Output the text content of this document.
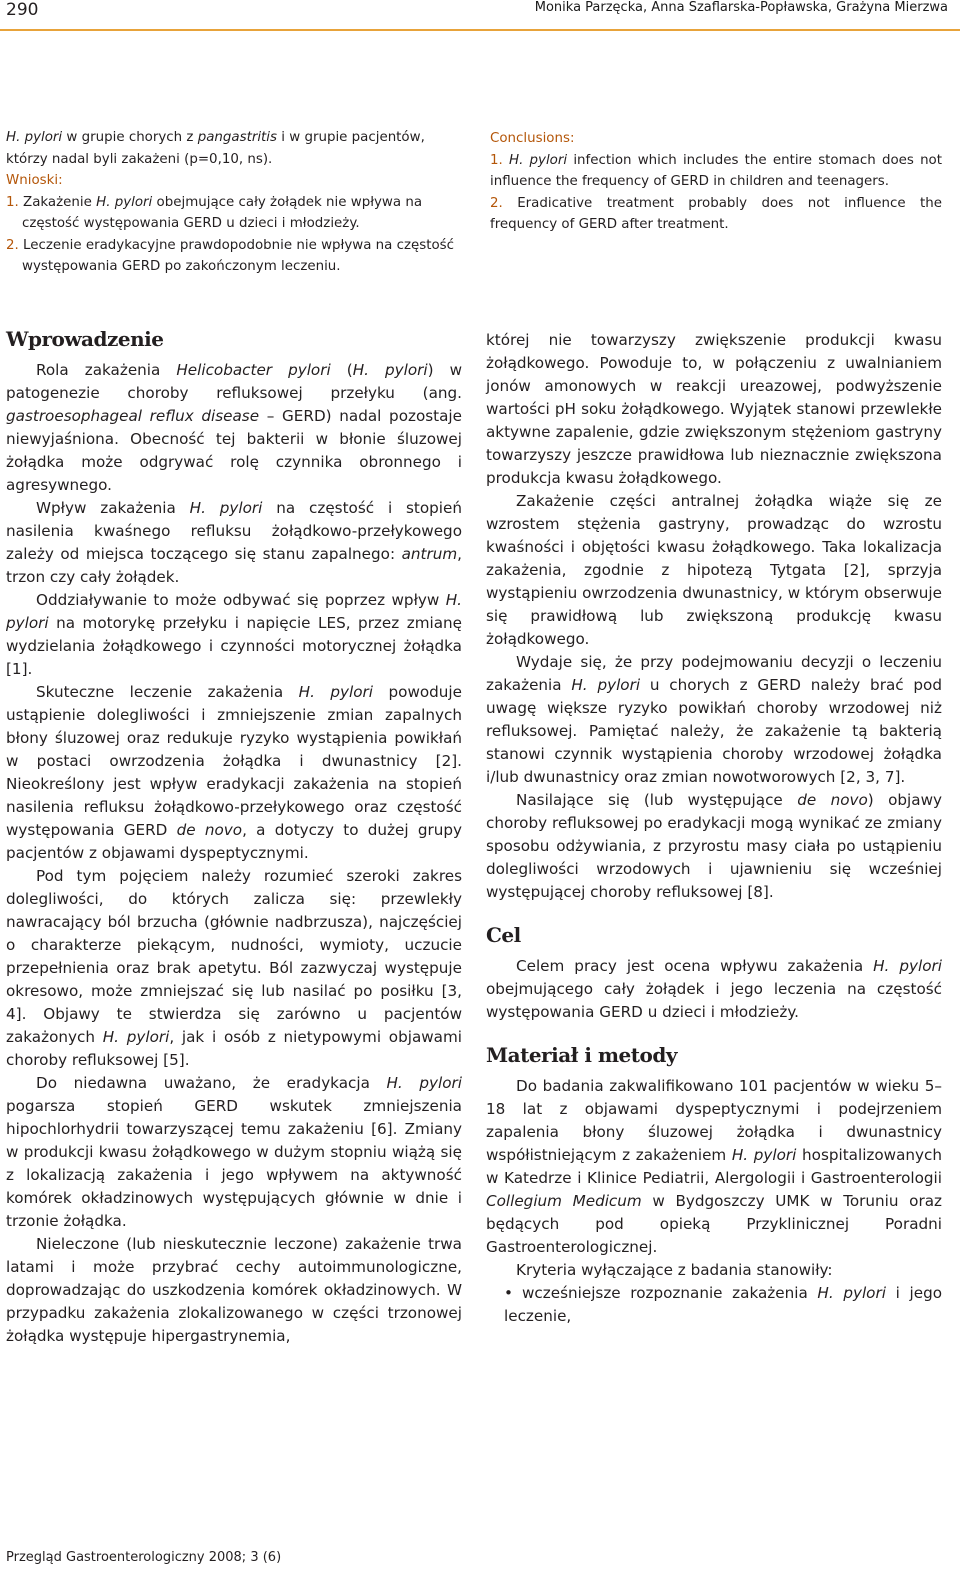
290	Monika Parzęcka, Anna Szaflarska-Popławska, Grażyna Mierzwa

H. pylori w grupie chorych z pangastritis i w grupie pacjentów, którzy nadal byli zakażeni (p=0,10, ns).

Wnioski:

1. Zakażenie H. pylori obejmujące cały żołądek nie wpływa na częstość występowania GERD u dzieci i młodzieży.

2. Leczenie eradykacyjne prawdopodobnie nie wpływa na częstość występowania GERD po zakończonym leczeniu.

Conclusions:

1. H. pylori infection which includes the entire stomach does not influence the frequency of GERD in children and teenagers.

2. Eradicative treatment probably does not influence the frequency of GERD after treatment.

Wprowadzenie

Rola zakażenia Helicobacter pylori (H. pylori) w patogenezie choroby refluksowej przełyku (ang. gastroesophageal reflux disease – GERD) nadal pozostaje niewyjaśniona. Obecność tej bakterii w błonie śluzowej żołądka może odgrywać rolę czynnika obronnego i agresywnego.

Wpływ zakażenia H. pylori na częstość i stopień nasilenia kwaśnego refluksu żołądkowo-przełykowego zależy od miejsca toczącego się stanu zapalnego: antrum, trzon czy cały żołądek.

Oddziaływanie to może odbywać się poprzez wpływ H. pylori na motorykę przełyku i napięcie LES, przez zmianę wydzielania żołądkowego i czynności motorycznej żołądka [1].

Skuteczne leczenie zakażenia H. pylori powoduje ustąpienie dolegliwości i zmniejszenie zmian zapalnych błony śluzowej oraz redukuje ryzyko wystąpienia powikłań w postaci owrzodzenia żołądka i dwunastnicy [2]. Nieokreślony jest wpływ eradykacji zakażenia na stopień nasilenia refluksu żołądkowo-przełykowego oraz częstość występowania GERD de novo, a dotyczy to dużej grupy pacjentów z objawami dyspeptycznymi.

Pod tym pojęciem należy rozumieć szeroki zakres dolegliwości, do których zalicza się: przewlekły nawracający ból brzucha (głównie nadbrzusza), najczęściej o charakterze piekącym, nudności, wymioty, uczucie przepełnienia oraz brak apetytu. Ból zazwyczaj występuje okresowo, może zmniejszać się lub nasilać po posiłku [3, 4]. Objawy te stwierdza się zarówno u pacjentów zakażonych H. pylori, jak i osób z nietypowymi objawami choroby refluksowej [5].

Do niedawna uważano, że eradykacja H. pylori pogarsza stopień GERD wskutek zmniejszenia hipochlorhydrii towarzyszącej temu zakażeniu [6]. Zmiany w produkcji kwasu żołądkowego w dużym stopniu wiążą się z lokalizacją zakażenia i jego wpływem na aktywność komórek okładzinowych występujących głównie w dnie i trzonie żołądka.

Nieleczone (lub nieskutecznie leczone) zakażenie trwa latami i może przybrać cechy autoimmunologiczne, doprowadzając do uszkodzenia komórek okładzinowych. W przypadku zakażenia zlokalizowanego w części trzonowej żołądka występuje hipergastrynemia,

której nie towarzyszy zwiększenie produkcji kwasu żołądkowego. Powoduje to, w połączeniu z uwalnianiem jonów amonowych w reakcji ureazowej, podwyższenie wartości pH soku żołądkowego. Wyjątek stanowi przewlekłe aktywne zapalenie, gdzie zwiększonym stężeniom gastryny towarzyszy jeszcze prawidłowa lub nieznacznie zwiększona produkcja kwasu żołądkowego.

Zakażenie części antralnej żołądka wiąże się ze wzrostem stężenia gastryny, prowadząc do wzrostu kwaśności i objętości kwasu żołądkowego. Taka lokalizacja zakażenia, zgodnie z hipotezą Tytgata [2], sprzyja wystąpieniu owrzodzenia dwunastnicy, w którym obserwuje się prawidłową lub zwiększoną produkcję kwasu żołądkowego.

Wydaje się, że przy podejmowaniu decyzji o leczeniu zakażenia H. pylori u chorych z GERD należy brać pod uwagę większe ryzyko powikłań choroby wrzodowej niż refluksowej. Pamiętać należy, że zakażenie tą bakterią stanowi czynnik wystąpienia choroby wrzodowej żołądka i/lub dwunastnicy oraz zmian nowotworowych [2, 3, 7].

Nasilające się (lub występujące de novo) objawy choroby refluksowej po eradykacji mogą wynikać ze zmiany sposobu odżywiania, z przyrostu masy ciała po ustąpieniu dolegliwości wrzodowych i ujawnieniu się wcześniej występującej choroby refluksowej [8].

Cel

Celem pracy jest ocena wpływu zakażenia H. pylori obejmującego cały żołądek i jego leczenia na częstość występowania GERD u dzieci i młodzieży.

Materiał i metody

Do badania zakwalifikowano 101 pacjentów w wieku 5–18 lat z objawami dyspeptycznymi i podejrzeniem zapalenia błony śluzowej żołądka i dwunastnicy współistniejącym z zakażeniem H. pylori hospitalizowanych w Katedrze i Klinice Pediatrii, Alergologii i Gastroenterologii Collegium Medicum w Bydgoszczy UMK w Toruniu oraz będących pod opieką Przyklinicznej Poradni Gastroenterologicznej.

Kryteria wyłączające z badania stanowiły:

• wcześniejsze rozpoznanie zakażenia H. pylori i jego leczenie,

Przegląd Gastroenterologiczny 2008; 3 (6)
